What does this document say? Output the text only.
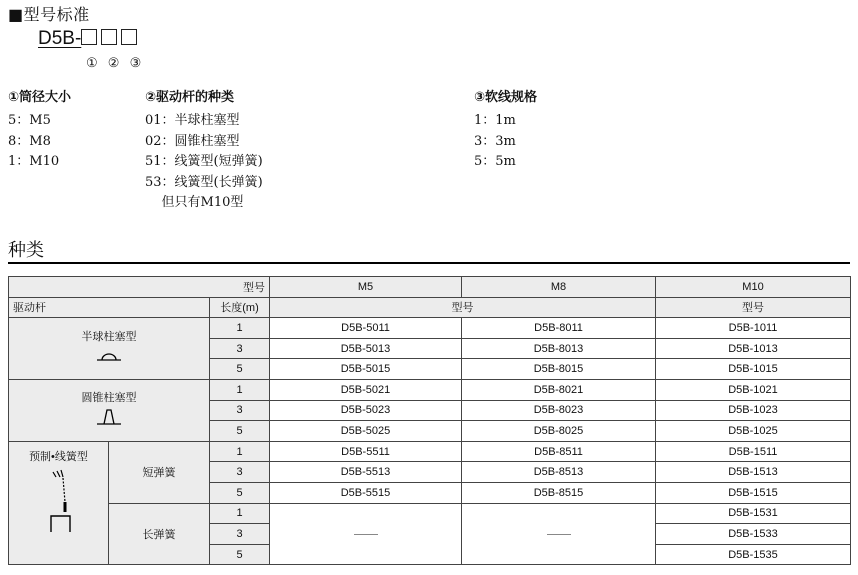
■型号标准
D5B-
① ② ③
①筒径大小
5：M5
8：M8
1：M10
②驱动杆的种类
01：半球柱塞型
02：圆锥柱塞型
51：线簧型(短弹簧)
53：线簧型(长弹簧)
但只有M10型
③软线规格
1：1m
3：3m
5：5m
种类
型号			M5	M8	M10
驱动杆		长度(m)	型号		型号

半球柱塞型		1	D5B-5011	D5B-8011	D5B-1011
		3	D5B-5013	D5B-8013	D5B-1013
		5	D5B-5015	D5B-8015	D5B-1015

圆锥柱塞型		1	D5B-5021	D5B-8021	D5B-1021
		3	D5B-5023	D5B-8023	D5B-1023
		5	D5B-5025	D5B-8025	D5B-1025

预制•线簧型	短弹簧	1	D5B-5511	D5B-8511	D5B-1511
		3	D5B-5513	D5B-8513	D5B-1513
		5	D5B-5515	D5B-8515	D5B-1515
	长弹簧	1			D5B-1531
		3			D5B-1533
		5			D5B-1535
